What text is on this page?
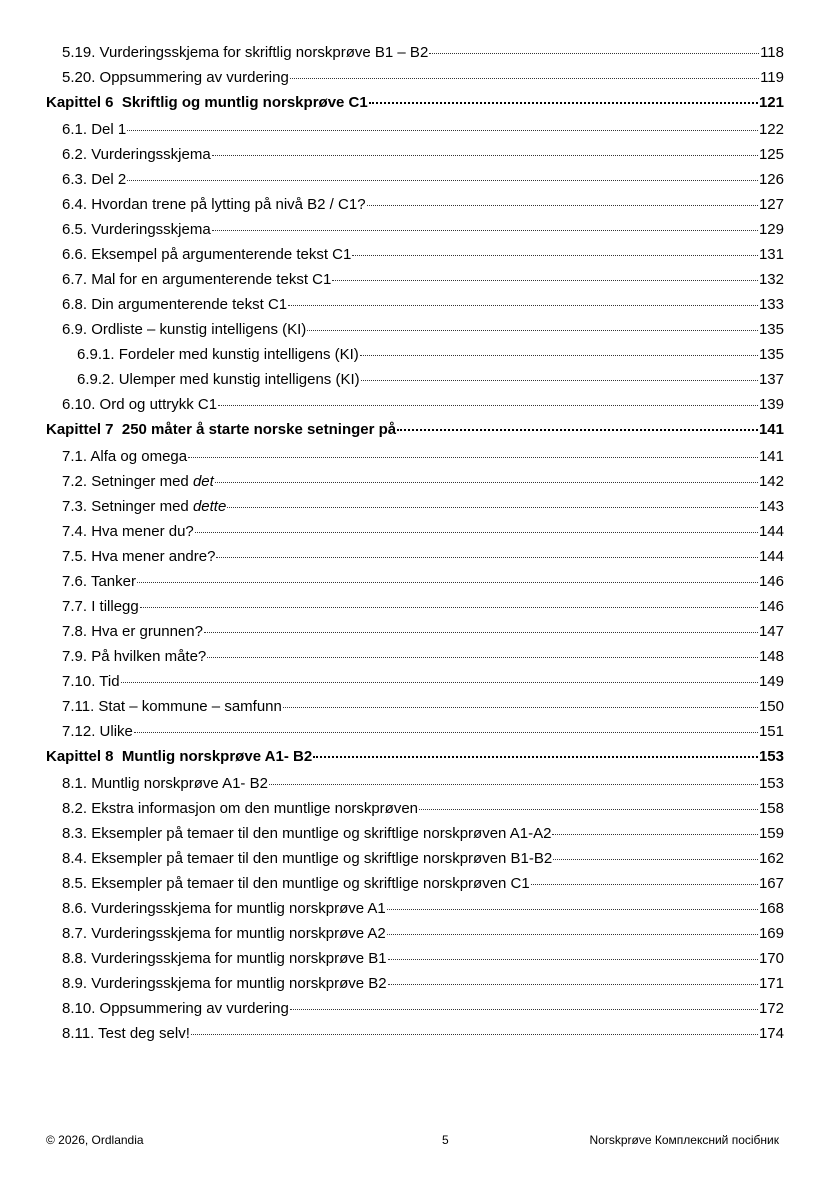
5.19. Vurderingsskjema for skriftlig norskprøve B1 – B2	118
5.20. Oppsummering av vurdering	119
Kapittel 6 Skriftlig og muntlig norskprøve C1	121
6.1. Del 1	122
6.2. Vurderingsskjema	125
6.3. Del 2	126
6.4. Hvordan trene på lytting på nivå B2 / C1?	127
6.5. Vurderingsskjema	129
6.6. Eksempel på argumenterende tekst C1	131
6.7. Mal for en argumenterende tekst C1	132
6.8. Din argumenterende tekst C1	133
6.9. Ordliste – kunstig intelligens (KI)	135
6.9.1. Fordeler med kunstig intelligens (KI)	135
6.9.2. Ulemper med kunstig intelligens (KI)	137
6.10. Ord og uttrykk C1	139
Kapittel 7 250 måter å starte norske setninger på	141
7.1. Alfa og omega	141
7.2. Setninger med det	142
7.3. Setninger med dette	143
7.4. Hva mener du?	144
7.5. Hva mener andre?	144
7.6. Tanker	146
7.7. I tillegg	146
7.8. Hva er grunnen?	147
7.9. På hvilken måte?	148
7.10. Tid	149
7.11. Stat – kommune – samfunn	150
7.12. Ulike	151
Kapittel 8 Muntlig norskprøve A1- B2	153
8.1. Muntlig norskprøve A1- B2	153
8.2. Ekstra informasjon om den muntlige norskprøven	158
8.3. Eksempler på temaer til den muntlige og skriftlige norskprøven A1-A2	159
8.4. Eksempler på temaer til den muntlige og skriftlige norskprøven B1-B2	162
8.5. Eksempler på temaer til den muntlige og skriftlige norskprøven C1	167
8.6. Vurderingsskjema for muntlig norskprøve A1	168
8.7. Vurderingsskjema for muntlig norskprøve A2	169
8.8. Vurderingsskjema for muntlig norskprøve B1	170
8.9. Vurderingsskjema for muntlig norskprøve B2	171
8.10. Oppsummering av vurdering	172
8.11. Test deg selv!	174
© 2026, Ordlandia	5	Norskprøve Комплексний посібник
